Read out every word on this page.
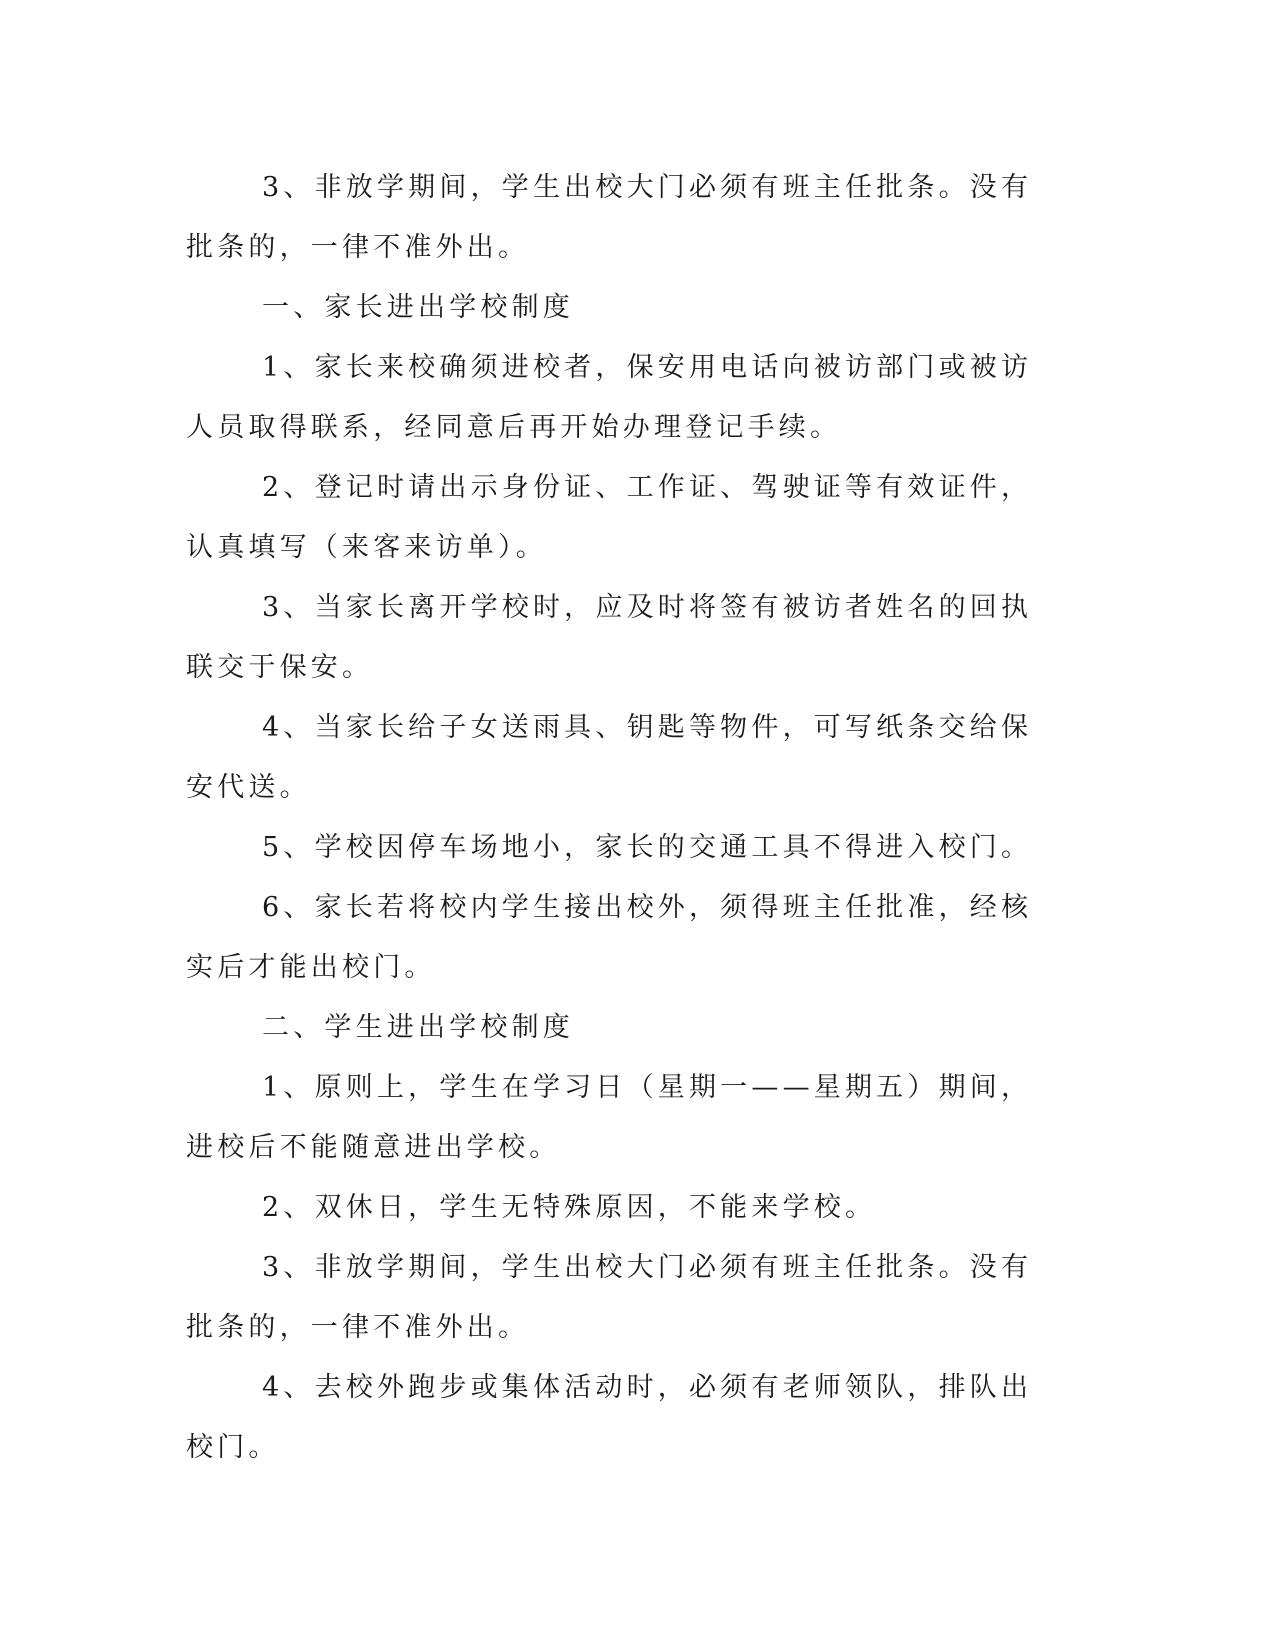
3、非放学期间，学生出校大门必须有班主任批条。没有批条的，一律不准外出。

一、家长进出学校制度

1、家长来校确须进校者，保安用电话向被访部门或被访人员取得联系，经同意后再开始办理登记手续。

2、登记时请出示身份证、工作证、驾驶证等有效证件，认真填写（来客来访单）。

3、当家长离开学校时，应及时将签有被访者姓名的回执联交于保安。

4、当家长给子女送雨具、钥匙等物件，可写纸条交给保安代送。

5、学校因停车场地小，家长的交通工具不得进入校门。

6、家长若将校内学生接出校外，须得班主任批准，经核实后才能出校门。

二、学生进出学校制度

1、原则上，学生在学习日（星期一——星期五）期间，进校后不能随意进出学校。

2、双休日，学生无特殊原因，不能来学校。

3、非放学期间，学生出校大门必须有班主任批条。没有批条的，一律不准外出。

4、去校外跑步或集体活动时，必须有老师领队，排队出校门。
